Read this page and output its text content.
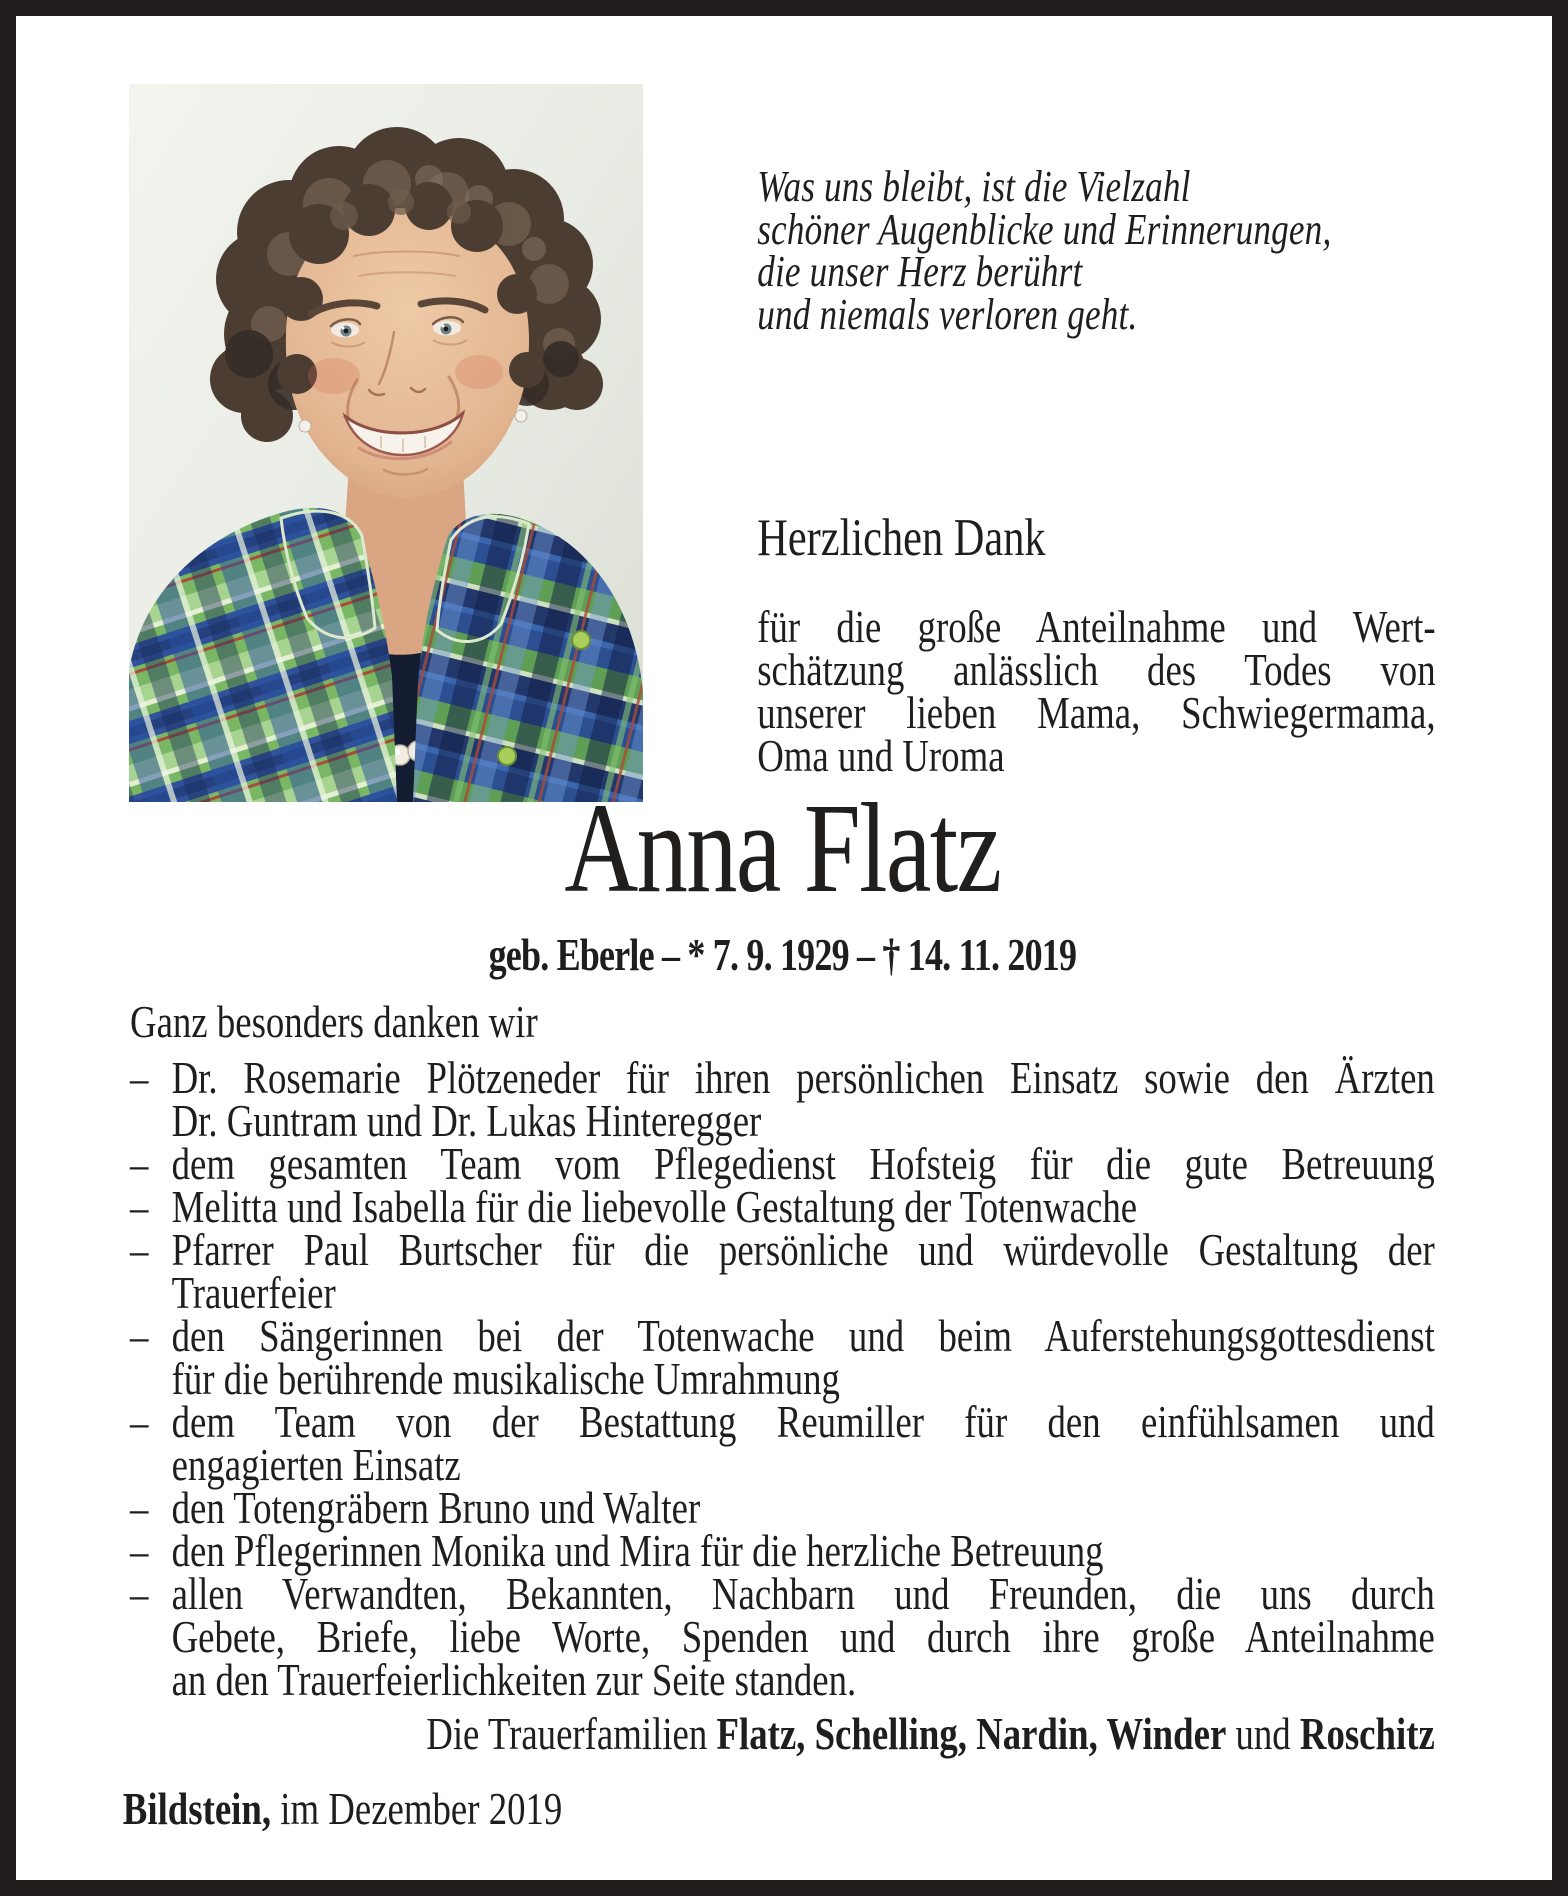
Was uns bleibt, ist die Vielzahl
schöner Augenblicke und Erinnerungen,
die unser Herz berührt
und niemals verloren geht.
Herzlichen Dank
für die große Anteilnahme und Wert-
schätzung anlässlich des Todes von
unserer lieben Mama, Schwiegermama,
Oma und Uroma
Anna Flatz
geb. Eberle – * 7. 9. 1929 – † 14. 11. 2019
Ganz besonders danken wir
– Dr. Rosemarie Plötzeneder für ihren persönlichen Einsatz sowie den Ärzten
Dr. Guntram und Dr. Lukas Hinteregger
– dem gesamten Team vom Pflegedienst Hofsteig für die gute Betreuung
– Melitta und Isabella für die liebevolle Gestaltung der Totenwache
– Pfarrer Paul Burtscher für die persönliche und würdevolle Gestaltung der
Trauerfeier
– den Sängerinnen bei der Totenwache und beim Auferstehungsgottesdienst
für die berührende musikalische Umrahmung
– dem Team von der Bestattung Reumiller für den einfühlsamen und
engagierten Einsatz
– den Totengräbern Bruno und Walter
– den Pflegerinnen Monika und Mira für die herzliche Betreuung
– allen Verwandten, Bekannten, Nachbarn und Freunden, die uns durch
Gebete, Briefe, liebe Worte, Spenden und durch ihre große Anteilnahme
an den Trauerfeierlichkeiten zur Seite standen.
Die Trauerfamilien Flatz, Schelling, Nardin, Winder und Roschitz
Bildstein, im Dezember 2019
